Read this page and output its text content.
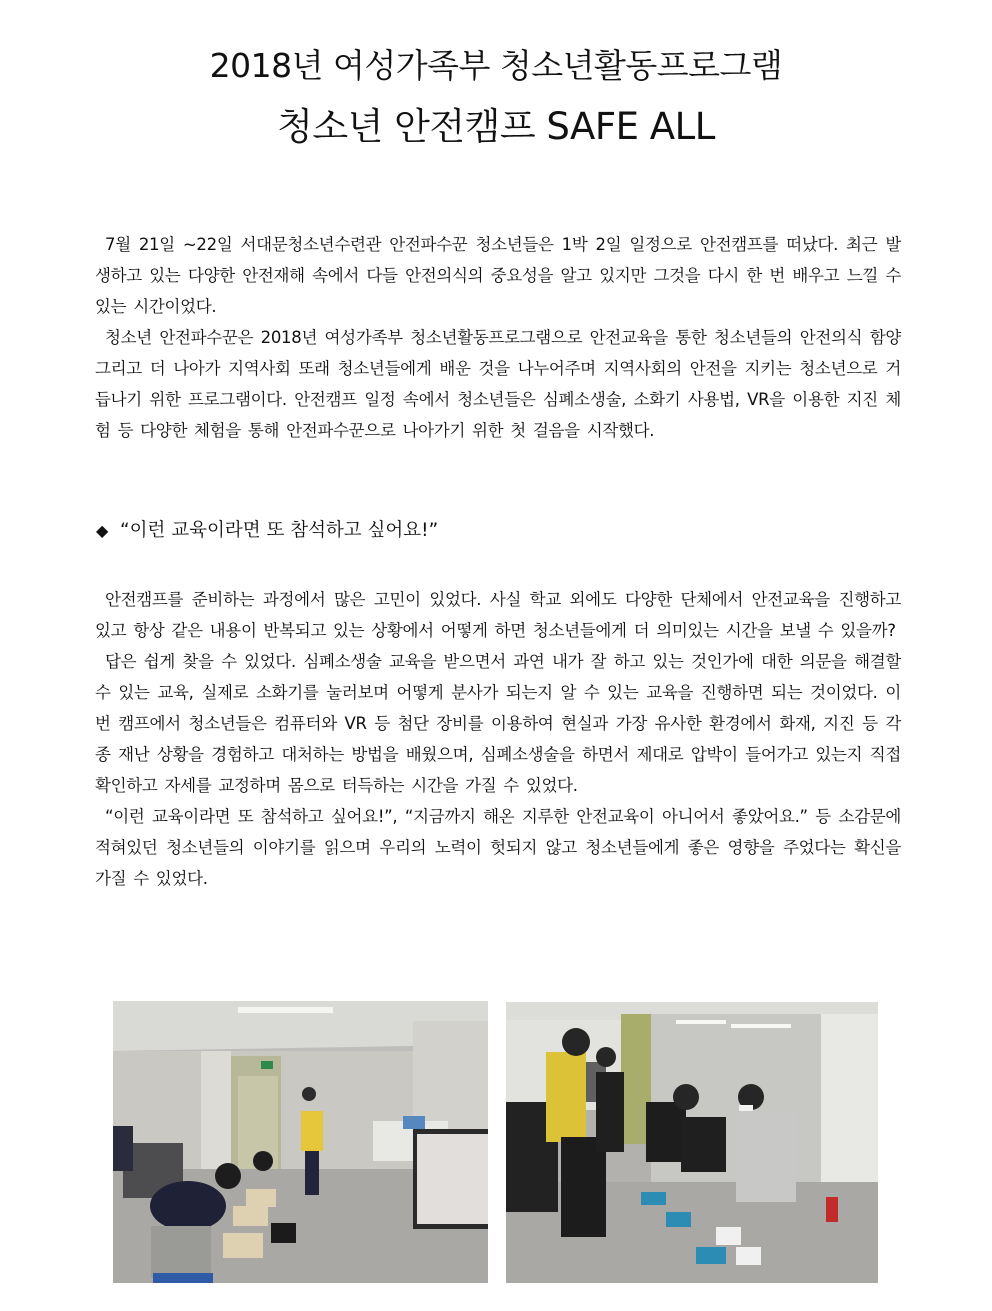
2018년 여성가족부 청소년활동프로그램
청소년 안전캠프 SAFE ALL

7월 21일 ~22일 서대문청소년수련관 안전파수꾼 청소년들은 1박 2일 일정으로 안전캠프를 떠났다. 최근 발생하고 있는 다양한 안전재해 속에서 다들 안전의식의 중요성을 알고 있지만 그것을 다시 한 번 배우고 느낄 수 있는 시간이었다.

청소년 안전파수꾼은 2018년 여성가족부 청소년활동프로그램으로 안전교육을 통한 청소년들의 안전의식 함양 그리고 더 나아가 지역사회 또래 청소년들에게 배운 것을 나누어주며 지역사회의 안전을 지키는 청소년으로 거듭나기 위한 프로그램이다. 안전캠프 일정 속에서 청소년들은 심폐소생술, 소화기 사용법, VR을 이용한 지진 체험 등 다양한 체험을 통해 안전파수꾼으로 나아가기 위한 첫 걸음을 시작했다.

◆ “이런 교육이라면 또 참석하고 싶어요!”

안전캠프를 준비하는 과정에서 많은 고민이 있었다. 사실 학교 외에도 다양한 단체에서 안전교육을 진행하고 있고 항상 같은 내용이 반복되고 있는 상황에서 어떻게 하면 청소년들에게 더 의미있는 시간을 보낼 수 있을까?

답은 쉽게 찾을 수 있었다. 심폐소생술 교육을 받으면서 과연 내가 잘 하고 있는 것인가에 대한 의문을 해결할 수 있는 교육, 실제로 소화기를 눌러보며 어떻게 분사가 되는지 알 수 있는 교육을 진행하면 되는 것이었다. 이번 캠프에서 청소년들은 컴퓨터와 VR 등 첨단 장비를 이용하여 현실과 가장 유사한 환경에서 화재, 지진 등 각종 재난 상황을 경험하고 대처하는 방법을 배웠으며, 심폐소생술을 하면서 제대로 압박이 들어가고 있는지 직접 확인하고 자세를 교정하며 몸으로 터득하는 시간을 가질 수 있었다.

“이런 교육이라면 또 참석하고 싶어요!”, “지금까지 해온 지루한 안전교육이 아니어서 좋았어요.” 등 소감문에 적혀있던 청소년들의 이야기를 읽으며 우리의 노력이 헛되지 않고 청소년들에게 좋은 영향을 주었다는 확신을 가질 수 있었다.
